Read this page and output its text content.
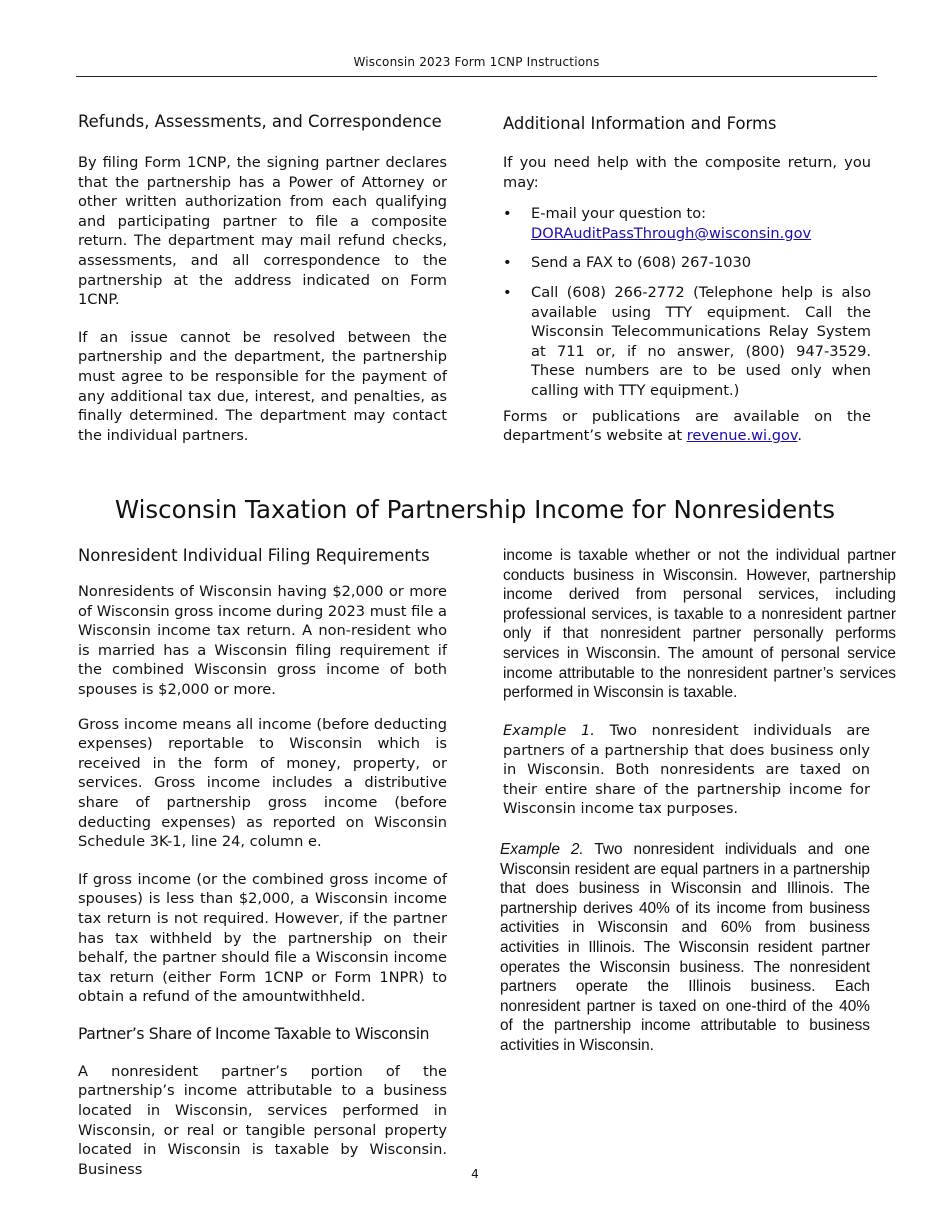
Wisconsin 2023 Form 1CNP Instructions
Refunds, Assessments, and Correspondence

By filing Form 1CNP, the signing partner declares that the partnership has a Power of Attorney or other written authorization from each qualifying and participating partner to file a composite return. The department may mail refund checks, assessments, and all correspondence to the partnership at the address indicated on Form 1CNP.

If an issue cannot be resolved between the partnership and the department, the partnership must agree to be responsible for the payment of any additional tax due, interest, and penalties, as finally determined. The department may contact the individual partners.

Additional Information and Forms

If you need help with the composite return, you may:

• E-mail your question to:
DORAuditPassThrough@wisconsin.gov
• Send a FAX to (608) 267-1030
• Call (608) 266-2772 (Telephone help is also available using TTY equipment. Call the Wisconsin Telecommunications Relay System at 711 or, if no answer, (800) 947-3529. These numbers are to be used only when calling with TTY equipment.)

Forms or publications are available on the department’s website at revenue.wi.gov.

Wisconsin Taxation of Partnership Income for Nonresidents
Nonresident Individual Filing Requirements

Nonresidents of Wisconsin having $2,000 or more of Wisconsin gross income during 2023 must file a Wisconsin income tax return. A non-resident who is married has a Wisconsin filing requirement if the combined Wisconsin gross income of both spouses is $2,000 or more.

Gross income means all income (before deducting expenses) reportable to Wisconsin which is received in the form of money, property, or services. Gross income includes a distributive share of partnership gross income (before deducting expenses) as reported on Wisconsin Schedule 3K-1, line 24, column e.

If gross income (or the combined gross income of spouses) is less than $2,000, a Wisconsin income tax return is not required. However, if the partner has tax withheld by the partnership on their behalf, the partner should file a Wisconsin income tax return (either Form 1CNP or Form 1NPR) to obtain a refund of the amountwithheld.

Partner’s Share of Income Taxable to Wisconsin

A nonresident partner’s portion of the partnership’s income attributable to a business located in Wisconsin, services performed in Wisconsin, or real or tangible personal property located in Wisconsin is taxable by Wisconsin. Business

income is taxable whether or not the individual partner conducts business in Wisconsin. However, partnership income derived from personal services, including professional services, is taxable to a nonresident partner only if that nonresident partner personally performs services in Wisconsin. The amount of personal service income attributable to the nonresident partner’s services performed in Wisconsin is taxable.

Example 1. Two nonresident individuals are partners of a partnership that does business only in Wisconsin. Both nonresidents are taxed on their entire share of the partnership income for Wisconsin income tax purposes.

Example 2. Two nonresident individuals and one Wisconsin resident are equal partners in a partnership that does business in Wisconsin and Illinois. The partnership derives 40% of its income from business activities in Wisconsin and 60% from business activities in Illinois. The Wisconsin resident partner operates the Wisconsin business. The nonresident partners operate the Illinois business. Each nonresident partner is taxed on one-third of the 40% of the partnership income attributable to business activities in Wisconsin.

4
